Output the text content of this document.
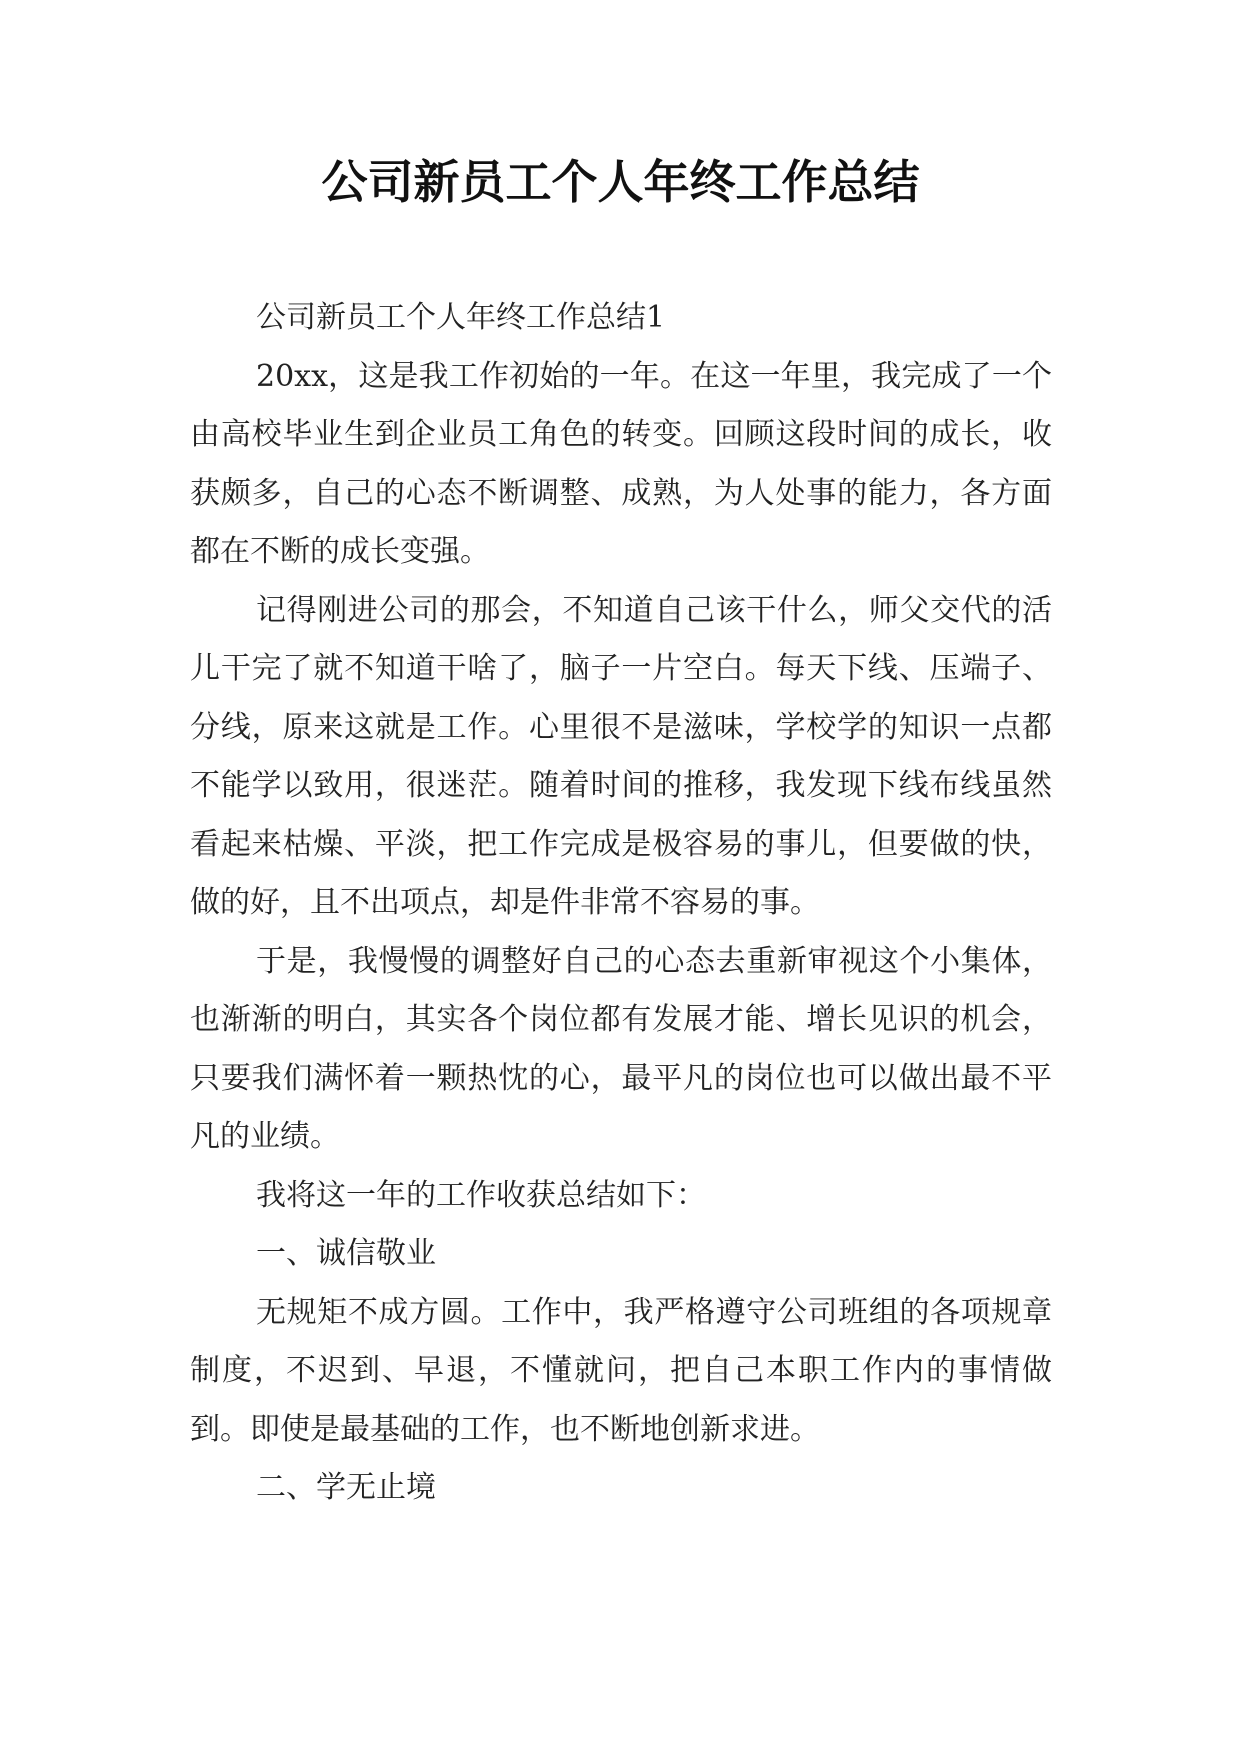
公司新员工个人年终工作总结

公司新员工个人年终工作总结1

20xx，这是我工作初始的一年。在这一年里，我完成了一个由高校毕业生到企业员工角色的转变。回顾这段时间的成长，收获颇多，自己的心态不断调整、成熟，为人处事的能力，各方面都在不断的成长变强。

记得刚进公司的那会，不知道自己该干什么，师父交代的活儿干完了就不知道干啥了，脑子一片空白。每天下线、压端子、分线，原来这就是工作。心里很不是滋味，学校学的知识一点都不能学以致用，很迷茫。随着时间的推移，我发现下线布线虽然看起来枯燥、平淡，把工作完成是极容易的事儿，但要做的快，做的好，且不出项点，却是件非常不容易的事。

于是，我慢慢的调整好自己的心态去重新审视这个小集体，也渐渐的明白，其实各个岗位都有发展才能、增长见识的机会，只要我们满怀着一颗热忱的心，最平凡的岗位也可以做出最不平凡的业绩。

我将这一年的工作收获总结如下：

一、诚信敬业

无规矩不成方圆。工作中，我严格遵守公司班组的各项规章制度，不迟到、早退，不懂就问，把自己本职工作内的事情做到。即使是最基础的工作，也不断地创新求进。

二、学无止境
